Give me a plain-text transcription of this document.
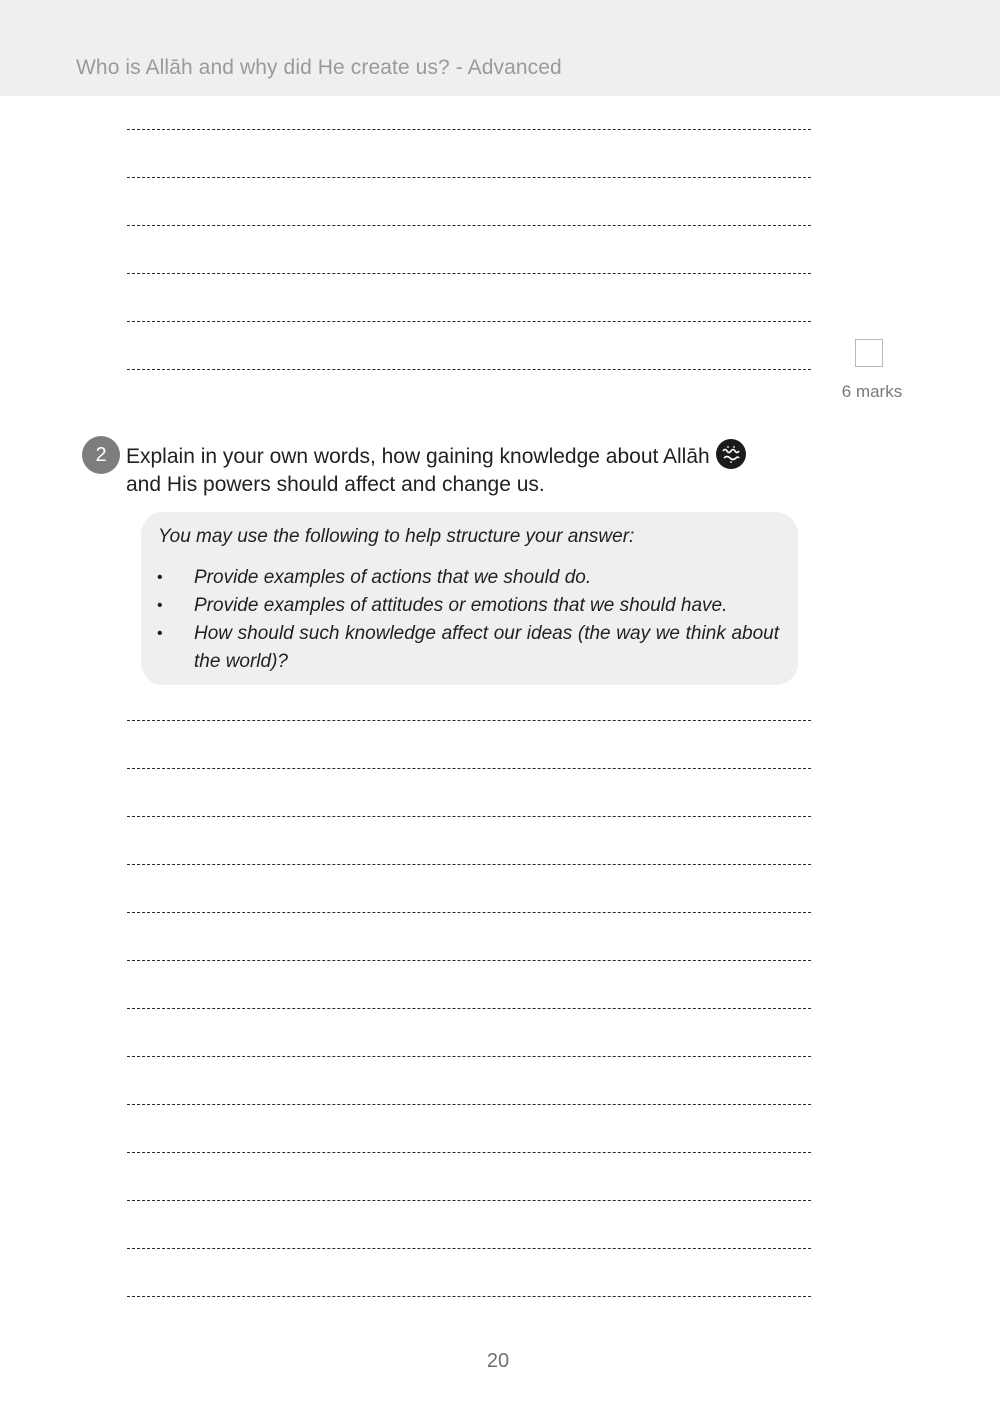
Who is Allāh and why did He create us? - Advanced
6 marks
2 Explain in your own words, how gaining knowledge about Allāh

and His powers should affect and change us.
You may use the following to help structure your answer:
• Provide examples of actions that we should do.
• Provide examples of attitudes or emotions that we should have.
• How should such knowledge affect our ideas (the way we think about the world)?
20
